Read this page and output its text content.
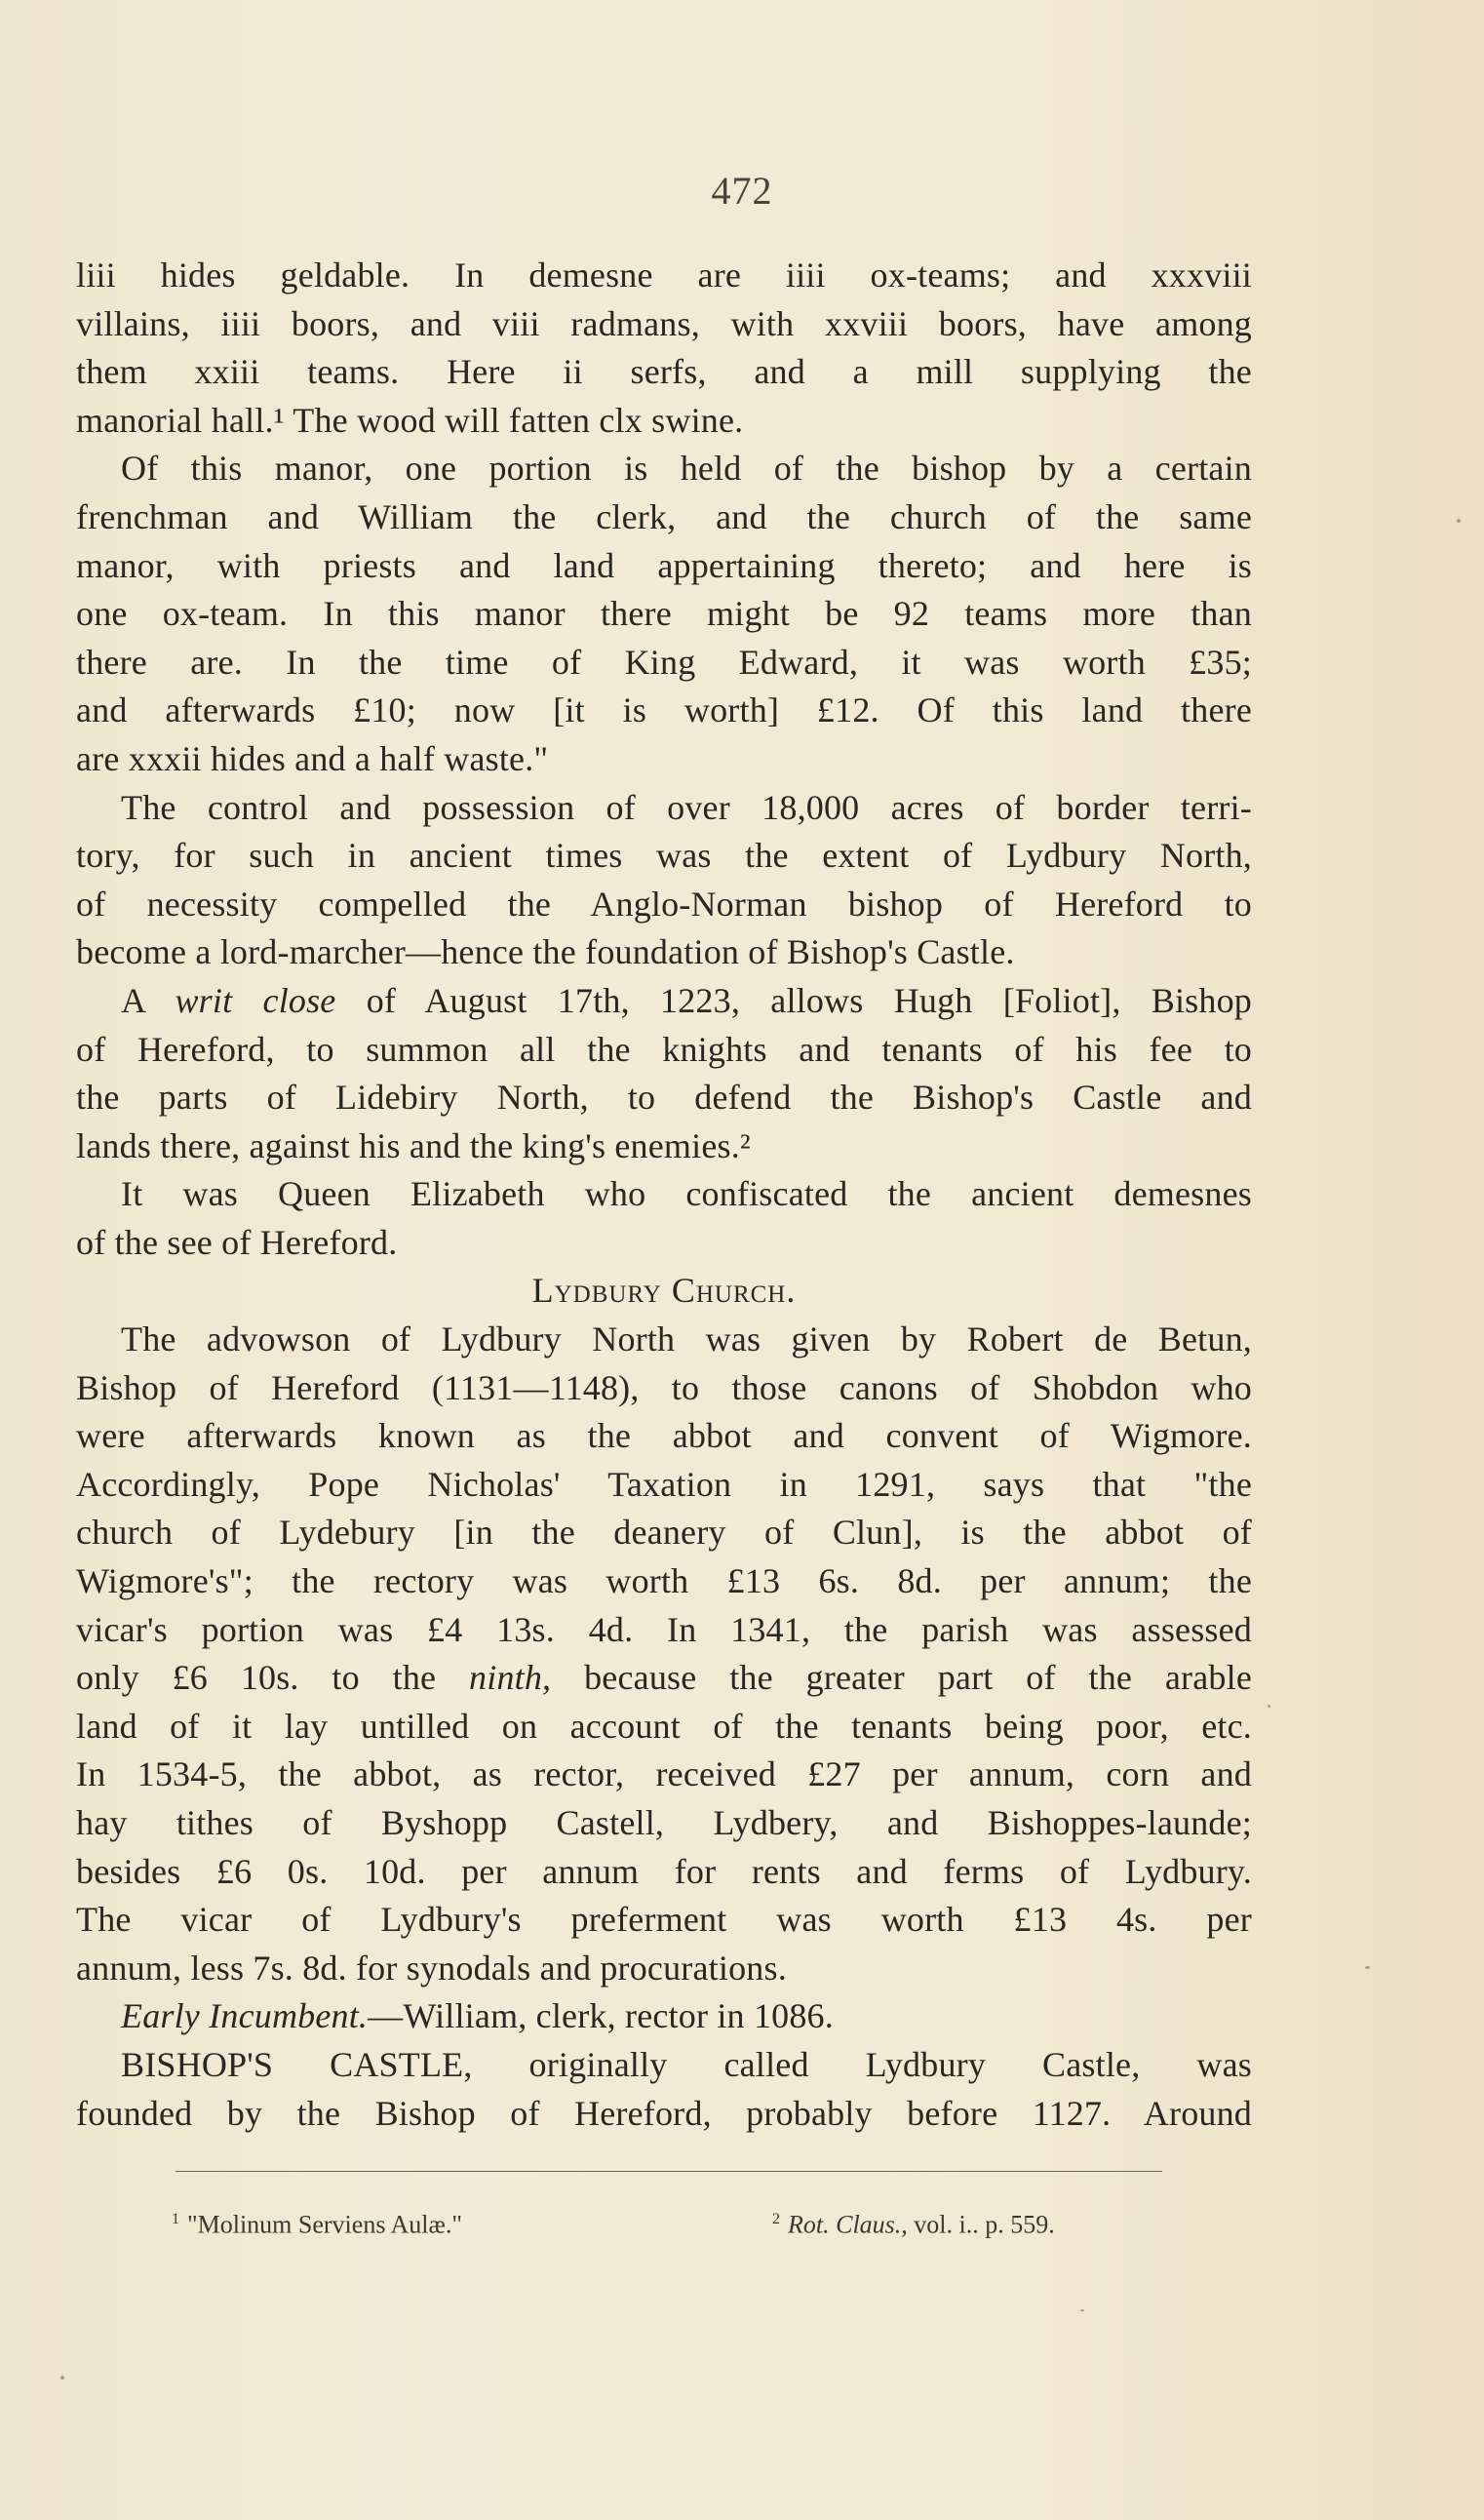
472
liii hides geldable. In demesne are iiii ox-teams; and xxxviii
villains, iiii boors, and viii radmans, with xxviii boors, have among
them xxiii teams. Here ii serfs, and a mill supplying the
manorial hall.¹ The wood will fatten clx swine.
Of this manor, one portion is held of the bishop by a certain
frenchman and William the clerk, and the church of the same
manor, with priests and land appertaining thereto; and here is
one ox-team. In this manor there might be 92 teams more than
there are. In the time of King Edward, it was worth £35;
and afterwards £10; now [it is worth] £12. Of this land there
are xxxii hides and a half waste."
The control and possession of over 18,000 acres of border terri-
tory, for such in ancient times was the extent of Lydbury North,
of necessity compelled the Anglo-Norman bishop of Hereford to
become a lord-marcher—hence the foundation of Bishop's Castle.
A writ close of August 17th, 1223, allows Hugh [Foliot], Bishop
of Hereford, to summon all the knights and tenants of his fee to
the parts of Lidebiry North, to defend the Bishop's Castle and
lands there, against his and the king's enemies.²
It was Queen Elizabeth who confiscated the ancient demesnes
of the see of Hereford.
Lydbury Church.
The advowson of Lydbury North was given by Robert de Betun,
Bishop of Hereford (1131—1148), to those canons of Shobdon who
were afterwards known as the abbot and convent of Wigmore.
Accordingly, Pope Nicholas' Taxation in 1291, says that "the
church of Lydebury [in the deanery of Clun], is the abbot of
Wigmore's"; the rectory was worth £13 6s. 8d. per annum; the
vicar's portion was £4 13s. 4d. In 1341, the parish was assessed
only £6 10s. to the ninth, because the greater part of the arable
land of it lay untilled on account of the tenants being poor, etc.
In 1534-5, the abbot, as rector, received £27 per annum, corn and
hay tithes of Byshopp Castell, Lydbery, and Bishoppes-launde;
besides £6 0s. 10d. per annum for rents and ferms of Lydbury.
The vicar of Lydbury's preferment was worth £13 4s. per
annum, less 7s. 8d. for synodals and procurations.
Early Incumbent.—William, clerk, rector in 1086.
BISHOP'S CASTLE, originally called Lydbury Castle, was
founded by the Bishop of Hereford, probably before 1127. Around
$^1$ "Molinum Serviens Aulæ."	$^2$ Rot. Claus., vol. i.. p. 559.
